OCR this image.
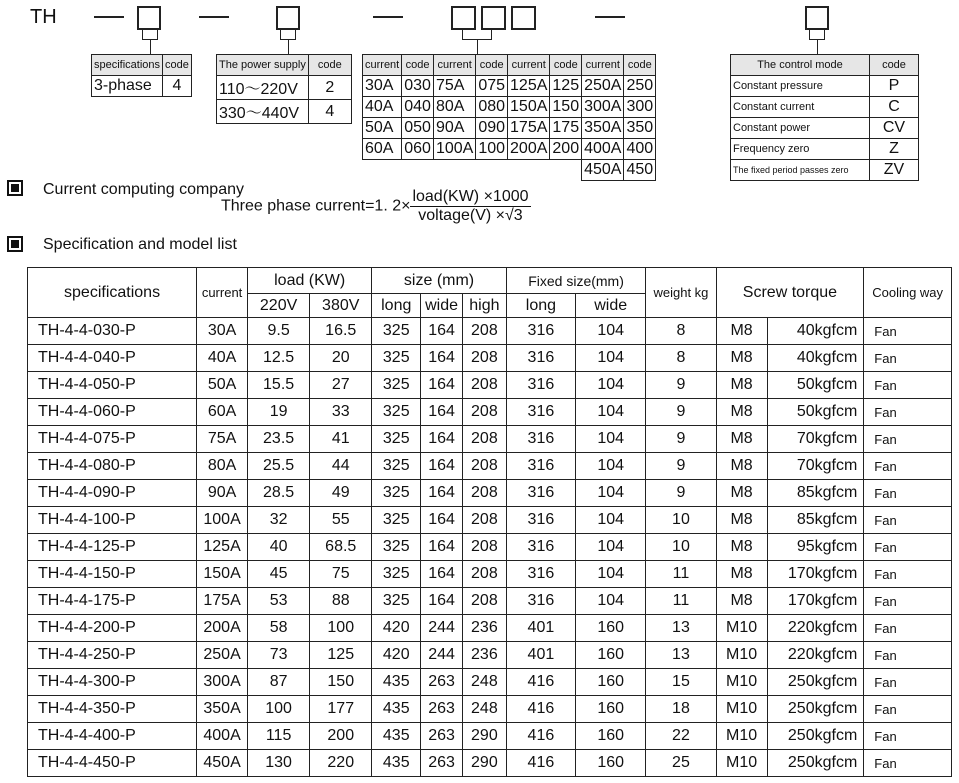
TH
specifications	code
3-phase	4
The power supply	code
110～220V	2
330～440V	4
current	code	current	code	current	code	current	code
30A	030	75A	075	125A	125	250A	250
40A	040	80A	080	150A	150	300A	300
50A	050	90A	090	175A	175	350A	350
60A	060	100A	100	200A	200	400A	400
						450A	450
The control mode	code
Constant pressure	P
Constant current	C
Constant power	CV
Frequency zero	Z
The fixed period passes zero	ZV
Current computing company
Three phase current=1. $2\times \frac{\text{load(KW) ×1000}}{\text{voltage(V) ×√3}}$
Specification and model list
specifications	current	load (KW)		size (mm)			Fixed size(mm)		weight kg	Screw torque		Cooling way
		220V	380V	long	wide	high	long	wide				
TH-4-4-030-P	30A	9.5	16.5	325	164	208	316	104	8	M8	40kgfcm	Fan
TH-4-4-040-P	40A	12.5	20	325	164	208	316	104	8	M8	40kgfcm	Fan
TH-4-4-050-P	50A	15.5	27	325	164	208	316	104	9	M8	50kgfcm	Fan
TH-4-4-060-P	60A	19	33	325	164	208	316	104	9	M8	50kgfcm	Fan
TH-4-4-075-P	75A	23.5	41	325	164	208	316	104	9	M8	70kgfcm	Fan
TH-4-4-080-P	80A	25.5	44	325	164	208	316	104	9	M8	70kgfcm	Fan
TH-4-4-090-P	90A	28.5	49	325	164	208	316	104	9	M8	85kgfcm	Fan
TH-4-4-100-P	100A	32	55	325	164	208	316	104	10	M8	85kgfcm	Fan
TH-4-4-125-P	125A	40	68.5	325	164	208	316	104	10	M8	95kgfcm	Fan
TH-4-4-150-P	150A	45	75	325	164	208	316	104	11	M8	170kgfcm	Fan
TH-4-4-175-P	175A	53	88	325	164	208	316	104	11	M8	170kgfcm	Fan
TH-4-4-200-P	200A	58	100	420	244	236	401	160	13	M10	220kgfcm	Fan
TH-4-4-250-P	250A	73	125	420	244	236	401	160	13	M10	220kgfcm	Fan
TH-4-4-300-P	300A	87	150	435	263	248	416	160	15	M10	250kgfcm	Fan
TH-4-4-350-P	350A	100	177	435	263	248	416	160	18	M10	250kgfcm	Fan
TH-4-4-400-P	400A	115	200	435	263	290	416	160	22	M10	250kgfcm	Fan
TH-4-4-450-P	450A	130	220	435	263	290	416	160	25	M10	250kgfcm	Fan
